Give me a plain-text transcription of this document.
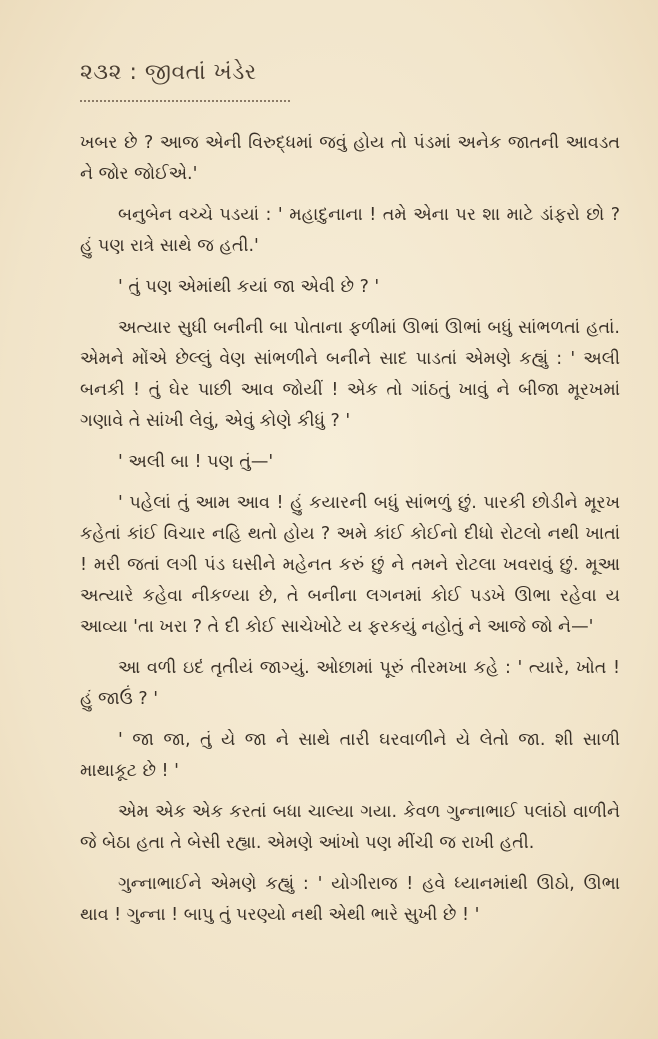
૨૩૨ : જીવતાં ખંડેર

ખબર છે ? આજ એની વિરુદ્ધમાં જવું હોય તો પંડમાં અનેક જાતની આવડત ને જોર જોઈએ.'

બનુબેન વચ્ચે પડયાં : ' મહાદુનાના ! તમે એના પર શા માટે ડાંફરો છો ? હું પણ રાત્રે સાથે જ હતી.'

' તું પણ એમાંથી કયાં જા એવી છે ? '

અત્યાર સુધી બનીની બા પોતાના ફળીમાં ઊભાં ઊભાં બધું સાંભળતાં હતાં. એમને મોંએ છેલ્લું વેણ સાંભળીને બનીને સાદ પાડતાં એમણે કહ્યું : ' અલી બનકી ! તું ઘેર પાછી આવ જોયીં ! એક તો ગાંઠતું ખાવું ને બીજા મૂરખમાં ગણાવે તે સાંખી લેવું, એવું કોણે કીધું ? '

' અલી બા ! પણ તું—'

' પહેલાં તું આમ આવ ! હું કયારની બધું સાંભળું છું. પારકી છોડીને મૂરખ કહેતાં કાંઈ વિચાર નહિ થતો હોય ? અમે કાંઈ કોઈનો દીધો રોટલો નથી ખાતાં ! મરી જતાં લગી પંડ ઘસીને મહેનત કરું છું ને તમને રોટલા ખવરાવું છું. મૂઆ અત્યારે કહેવા નીકળ્યા છે, તે બનીના લગનમાં કોઈ પડખે ઊભા રહેવા ય આવ્યા 'તા ખરા ? તે દી કોઈ સાચેખોટે ય ફરકયું નહોતું ને આજે જો ને—'

આ વળી ઇદં તૃતીયં જાગ્યું. ઓછામાં પૂરું તીરમખા કહે : ' ત્યારે, ખોત ! હું જાઉં ? '

' જા જા, તું યે જા ને સાથે તારી ઘરવાળીને યે લેતો જા. શી સાળી માથાકૂટ છે ! '

એમ એક એક કરતાં બધા ચાલ્યા ગયા. કેવળ ગુન્નાભાઈ પલાંઠો વાળીને જે બેઠા હતા તે બેસી રહ્યા. એમણે આંખો પણ મીંચી જ રાખી હતી.

ગુન્નાભાઈને એમણે કહ્યું : ' યોગીરાજ ! હવે ધ્યાનમાંથી ઊઠો, ઊભા થાવ ! ગુન્ના ! બાપુ તું પરણ્યો નથી એથી ભારે સુખી છે ! '
